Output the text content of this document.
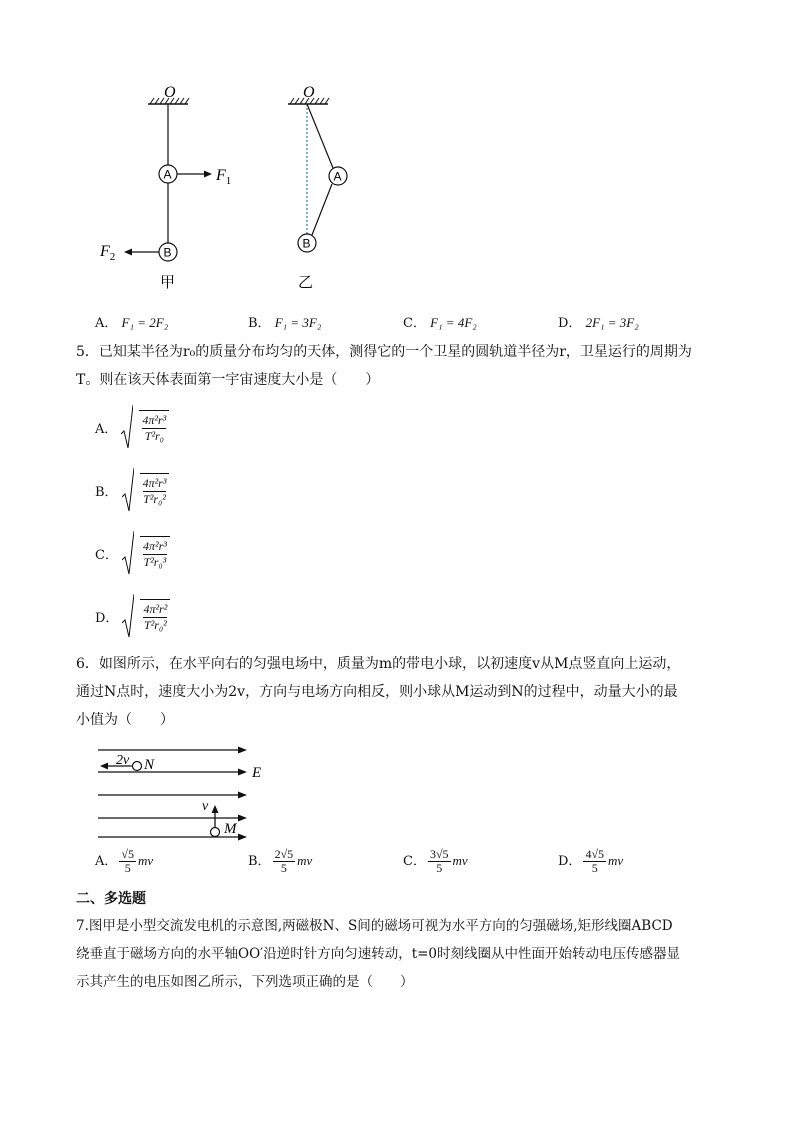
O
A	$F_1$
B
$F_2$
甲
O
A
B
乙
A． F₁ = 2F₂	B． F₁ = 3F₂	C． F₁ = 4F₂	D． 2F₁ = 3F₂
5．已知某半径为r₀的质量分布均匀的天体，测得它的一个卫星的圆轨道半径为r，卫星运行的周期为
T。则在该天体表面第一宇宙速度大小是（　　）
A．
4π²r³
T²r₀
B．
4π²r³
T²r₀²
C．
4π²r³
T²r₀³
D．
4π²r²
T²r₀²
6．如图所示，在水平向右的匀强电场中，质量为m的带电小球，以初速度v从M点竖直向上运动，
通过N点时，速度大小为2v，方向与电场方向相反，则小球从M运动到N的过程中，动量大小的最
小值为（　　）
2v N	E
v
M
A． $\frac{√5}{5}$ mv	B． $\frac{2√5}{5}$ mv	C． $\frac{3√5}{5}$ mv	D． $\frac{4√5}{5}$ mv
二、多选题
7.图甲是小型交流发电机的示意图,两磁极N、S间的磁场可视为水平方向的匀强磁场,矩形线圈ABCD
绕垂直于磁场方向的水平轴OO′沿逆时针方向匀速转动，t=0时刻线圈从中性面开始转动电压传感器显
示其产生的电压如图乙所示，下列选项正确的是（　　）
